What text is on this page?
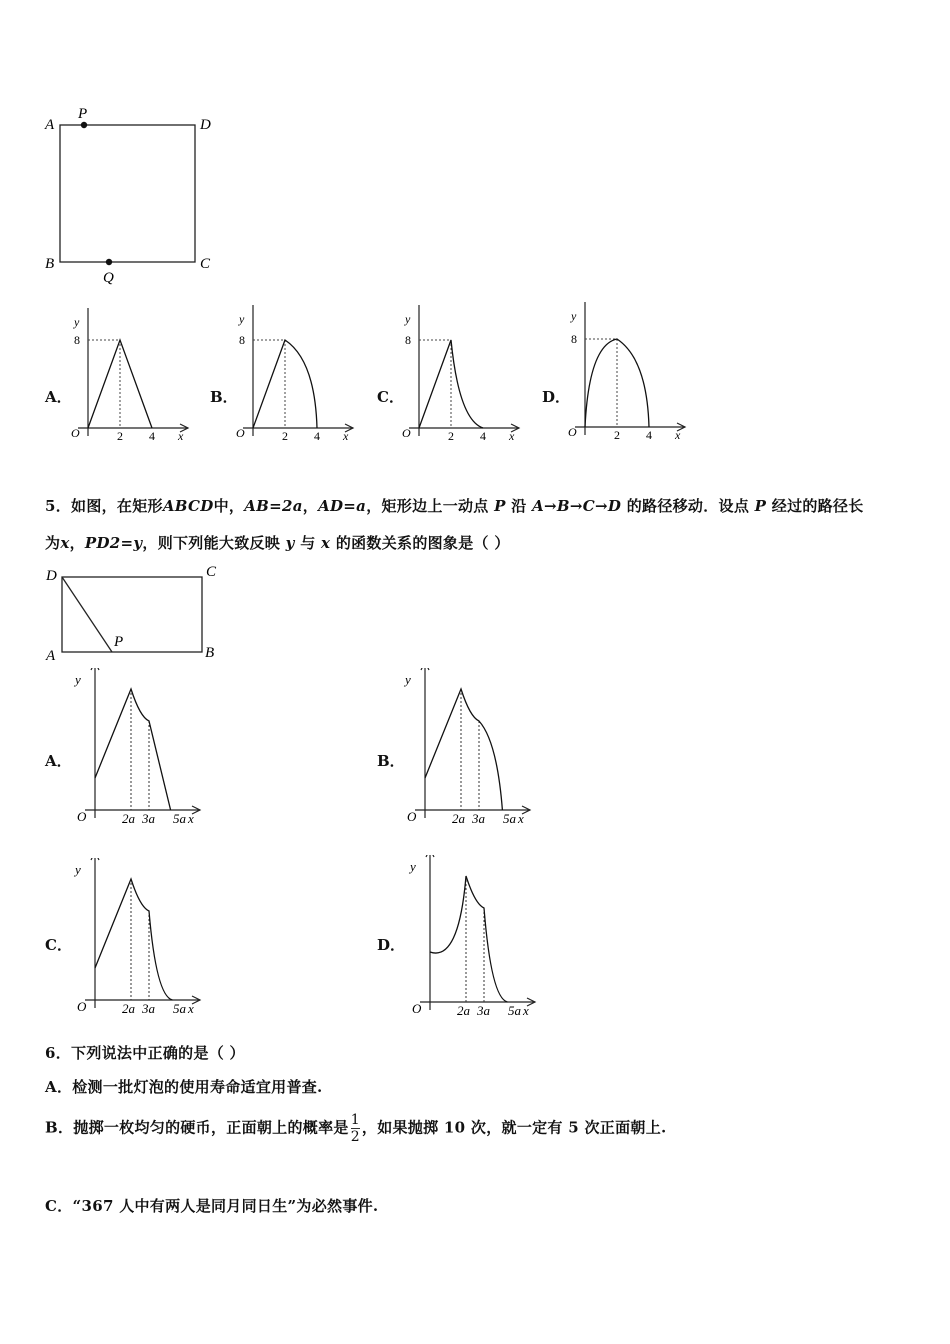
A
P
D
B	C
Q
A．	B．	C．	D．
y
x
O
8
2 4
y
x
O
8
2 4
y
x
O
8
2 4
y
x
O
8
2 4
5．如图，在矩形ABCD中，AB=2a，AD=a，矩形边上一动点 P 沿 A→B→C→D 的路径移动．设点 P 经过的路径长
为x，PD2=y，则下列能大致反映 y 与 x 的函数关系的图象是（ ）
D	C
A	B
P
A．	B．
C．	D．
y
x
O	2a 3a 5a
y
x
O	2a 3a 5a
y
x
O	2a 3a 5a
y
x
O	2a 3a 5a
6．下列说法中正确的是（ ）
A．检测一批灯泡的使用寿命适宜用普查.
B．抛掷一枚均匀的硬币，正面朝上的概率是 $\frac{1}{2}$ ，如果抛掷 10 次，就一定有 5 次正面朝上.
C．“367 人中有两人是同月同日生”为必然事件.
